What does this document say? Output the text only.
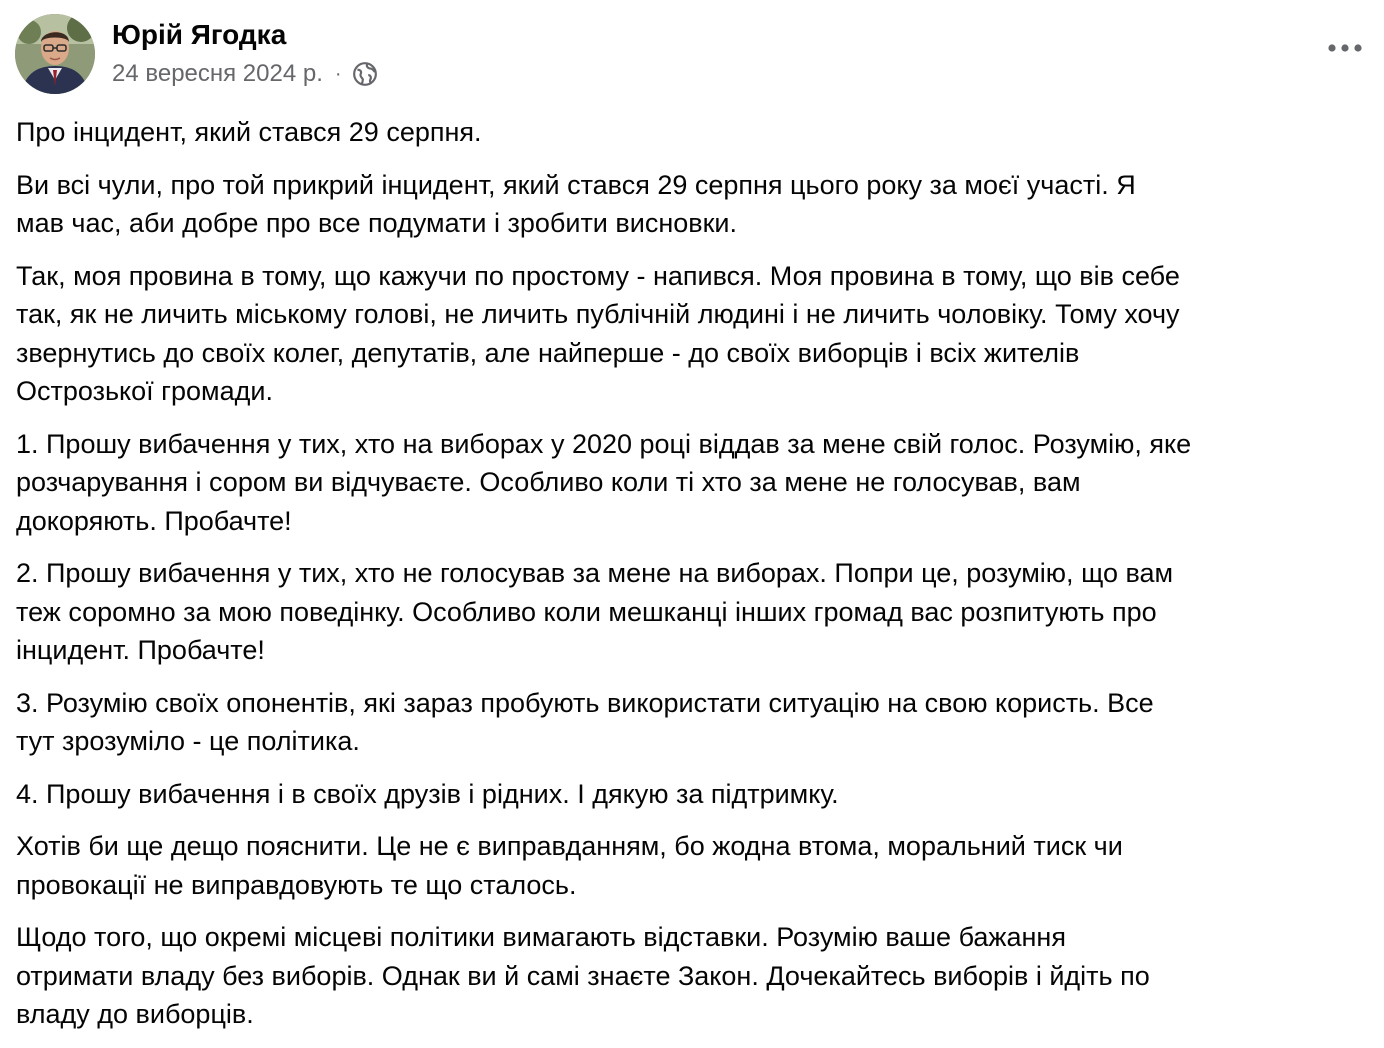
Юрій Ягодка
24 вересня 2024 р. ·

Про інцидент, який стався 29 серпня.

Ви всі чули, про той прикрий інцидент, який стався 29 серпня цього року за моєї участі. Я
мав час, аби добре про все подумати і зробити висновки.

Так, моя провина в тому, що кажучи по простому - напився. Моя провина в тому, що вів себе
так, як не личить міському голові, не личить публічній людині і не личить чоловіку. Тому хочу
звернутись до своїх колег, депутатів, але найперше - до своїх виборців і всіх жителів
Острозької громади.

1. Прошу вибачення у тих, хто на виборах у 2020 році віддав за мене свій голос. Розумію, яке
розчарування і сором ви відчуваєте. Особливо коли ті хто за мене не голосував, вам
докоряють. Пробачте!

2. Прошу вибачення у тих, хто не голосував за мене на виборах. Попри це, розумію, що вам
теж соромно за мою поведінку. Особливо коли мешканці інших громад вас розпитують про
інцидент. Пробачте!

3. Розумію своїх опонентів, які зараз пробують використати ситуацію на свою користь. Все
тут зрозуміло - це політика.

4. Прошу вибачення і в своїх друзів і рідних. І дякую за підтримку.

Хотів би ще дещо пояснити. Це не є виправданням, бо жодна втома, моральний тиск чи
провокації не виправдовують те що сталось.

Щодо того, що окремі місцеві політики вимагають відставки. Розумію ваше бажання
отримати владу без виборів. Однак ви й самі знаєте Закон. Дочекайтесь виборів і йдіть по
владу до виборців.
